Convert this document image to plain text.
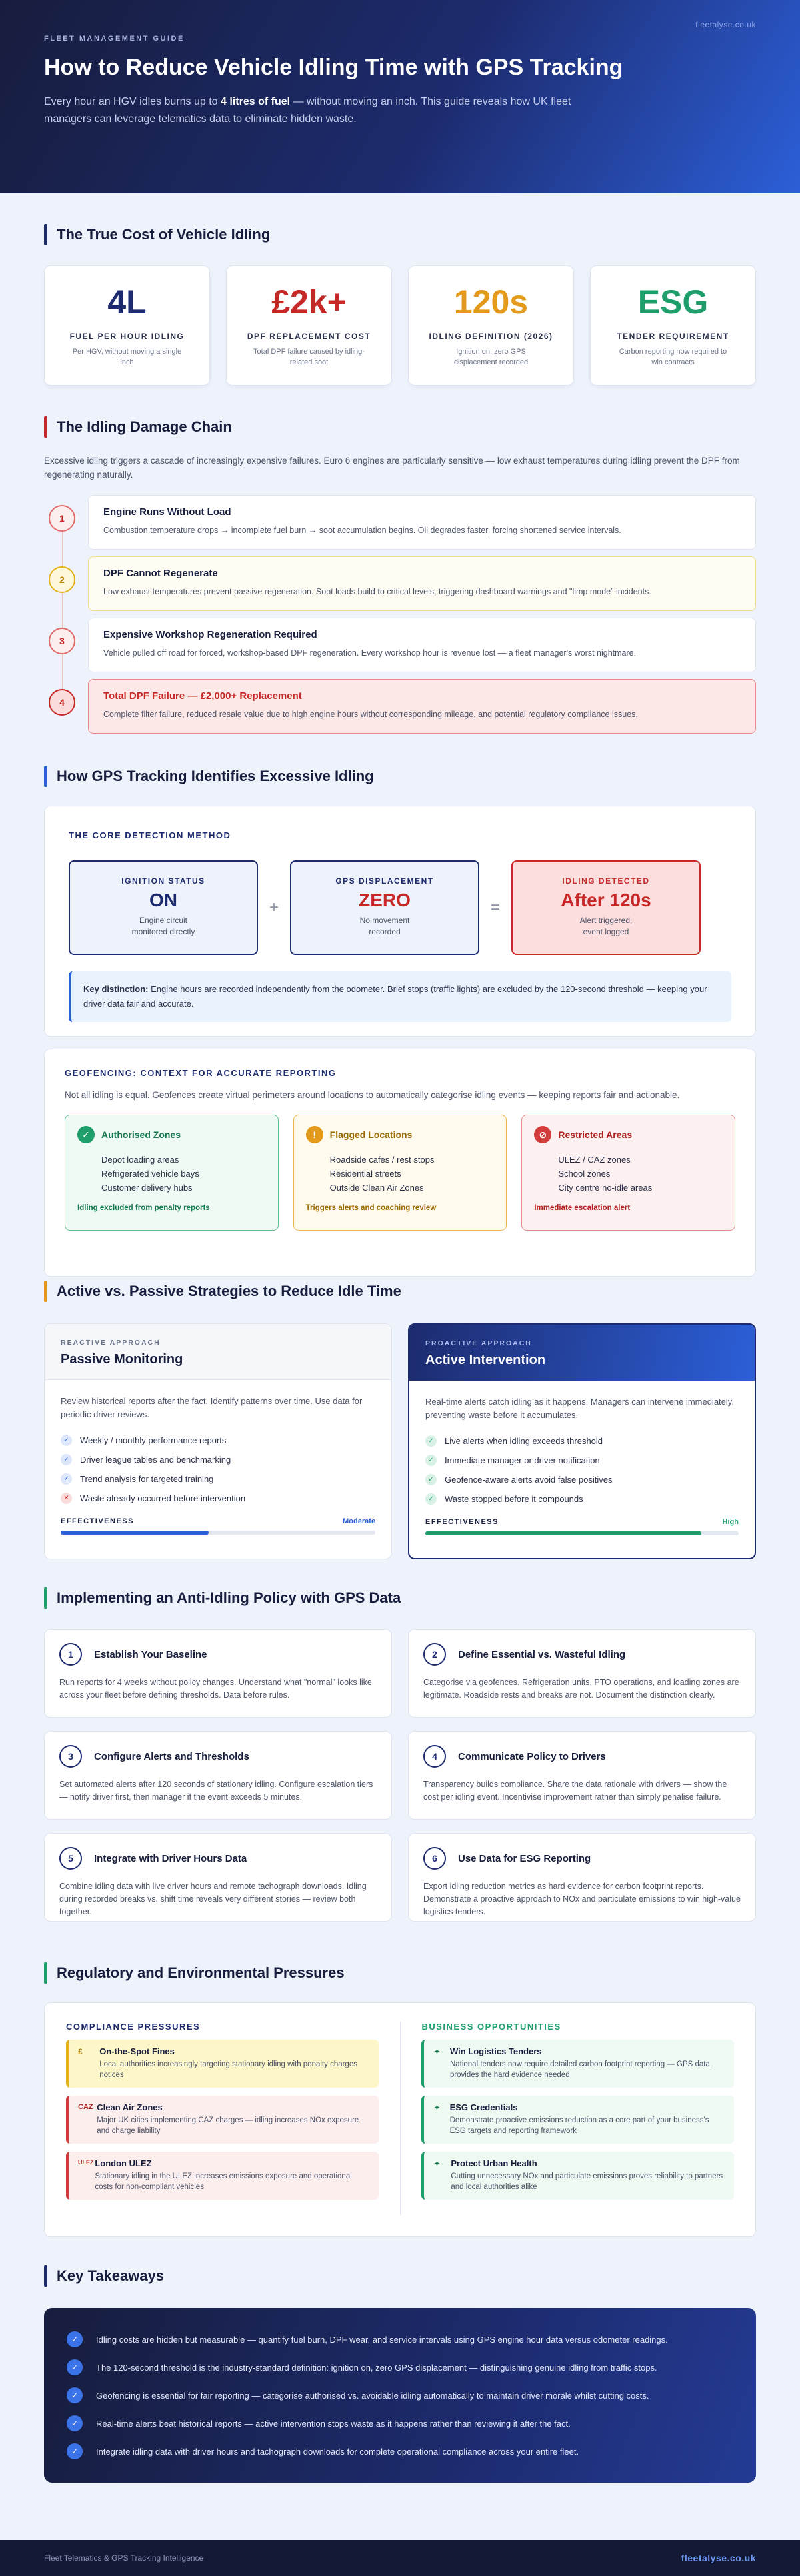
FLEET MANAGEMENT GUIDE
fleetalyse.co.uk
How to Reduce Vehicle Idling Time with GPS Tracking

Every hour an HGV idles burns up to 4 litres of fuel — without moving an inch. This guide reveals how UK fleet managers can leverage telematics data to eliminate hidden waste.

The True Cost of Vehicle Idling
4L
FUEL PER HOUR IDLING
Per HGV, without moving a single inch
£2k+
DPF REPLACEMENT COST
Total DPF failure caused by idling-related soot
120s
IDLING DEFINITION (2026)
Ignition on, zero GPS displacement recorded
ESG
TENDER REQUIREMENT
Carbon reporting now required to win contracts
The Idling Damage Chain

Excessive idling triggers a cascade of increasingly expensive failures. Euro 6 engines are particularly sensitive — low exhaust temperatures during idling prevent the DPF from regenerating naturally.

1
Engine Runs Without Load

Combustion temperature drops → incomplete fuel burn → soot accumulation begins. Oil degrades faster, forcing shortened service intervals.

2
DPF Cannot Regenerate

Low exhaust temperatures prevent passive regeneration. Soot loads build to critical levels, triggering dashboard warnings and "limp mode" incidents.

3
Expensive Workshop Regeneration Required

Vehicle pulled off road for forced, workshop-based DPF regeneration. Every workshop hour is revenue lost — a fleet manager's worst nightmare.

4
Total DPF Failure — £2,000+ Replacement

Complete filter failure, reduced resale value due to high engine hours without corresponding mileage, and potential regulatory compliance issues.

How GPS Tracking Identifies Excessive Idling
THE CORE DETECTION METHOD
IGNITION STATUS
ON
Engine circuit
monitored directly
+
GPS DISPLACEMENT
ZERO
No movement
recorded
=
IDLING DETECTED
After 120s
Alert triggered,
event logged
Key distinction: Engine hours are recorded independently from the odometer. Brief stops (traffic lights) are excluded by the 120-second threshold — keeping your driver data fair and accurate.
GEOFENCING: CONTEXT FOR ACCURATE REPORTING

Not all idling is equal. Geofences create virtual perimeters around locations to automatically categorise idling events — keeping reports fair and actionable.

✓	Authorised Zones
Depot loading areas
Refrigerated vehicle bays
Customer delivery hubs
Idling excluded from penalty reports
!	Flagged Locations
Roadside cafes / rest stops
Residential streets
Outside Clean Air Zones
Triggers alerts and coaching review
⊘	Restricted Areas
ULEZ / CAZ zones
School zones
City centre no-idle areas
Immediate escalation alert
Active vs. Passive Strategies to Reduce Idle Time
REACTIVE APPROACH
Passive Monitoring

Review historical reports after the fact. Identify patterns over time. Use data for periodic driver reviews.

✓	Weekly / monthly performance reports
✓	Driver league tables and benchmarking
✓	Trend analysis for targeted training
✕	Waste already occurred before intervention
EFFECTIVENESS	Moderate
PROACTIVE APPROACH
Active Intervention

Real-time alerts catch idling as it happens. Managers can intervene immediately, preventing waste before it accumulates.

✓	Live alerts when idling exceeds threshold
✓	Immediate manager or driver notification
✓	Geofence-aware alerts avoid false positives
✓	Waste stopped before it compounds
EFFECTIVENESS	High
Implementing an Anti-Idling Policy with GPS Data
1	Establish Your Baseline

Run reports for 4 weeks without policy changes. Understand what "normal" looks like across your fleet before defining thresholds. Data before rules.

2	Define Essential vs. Wasteful Idling

Categorise via geofences. Refrigeration units, PTO operations, and loading zones are legitimate. Roadside rests and breaks are not. Document the distinction clearly.

3	Configure Alerts and Thresholds

Set automated alerts after 120 seconds of stationary idling. Configure escalation tiers — notify driver first, then manager if the event exceeds 5 minutes.

4	Communicate Policy to Drivers

Transparency builds compliance. Share the data rationale with drivers — show the cost per idling event. Incentivise improvement rather than simply penalise failure.

5	Integrate with Driver Hours Data

Combine idling data with live driver hours and remote tachograph downloads. Idling during recorded breaks vs. shift time reveals very different stories — review both together.

6	Use Data for ESG Reporting

Export idling reduction metrics as hard evidence for carbon footprint reports. Demonstrate a proactive approach to NOx and particulate emissions to win high-value logistics tenders.

Regulatory and Environmental Pressures
COMPLIANCE PRESSURES
£	On-the-Spot Fines
Local authorities increasingly targeting stationary idling with penalty charges notices
CAZ Clean Air Zones
Major UK cities implementing CAZ charges — idling increases NOx exposure and charge liability
ULEZ London ULEZ
Stationary idling in the ULEZ increases emissions exposure and operational costs for non-compliant vehicles
BUSINESS OPPORTUNITIES
✦	Win Logistics Tenders
National tenders now require detailed carbon footprint reporting — GPS data provides the hard evidence needed
✦	ESG Credentials
Demonstrate proactive emissions reduction as a core part of your business's ESG targets and reporting framework
✦	Protect Urban Health
Cutting unnecessary NOx and particulate emissions proves reliability to partners and local authorities alike
Key Takeaways
✓	Idling costs are hidden but measurable — quantify fuel burn, DPF wear, and service intervals using GPS engine hour data versus odometer readings.
✓	The 120-second threshold is the industry-standard definition: ignition on, zero GPS displacement — distinguishing genuine idling from traffic stops.
✓	Geofencing is essential for fair reporting — categorise authorised vs. avoidable idling automatically to maintain driver morale whilst cutting costs.
✓	Real-time alerts beat historical reports — active intervention stops waste as it happens rather than reviewing it after the fact.
✓	Integrate idling data with driver hours and tachograph downloads for complete operational compliance across your entire fleet.
Fleet Telematics & GPS Tracking Intelligence	fleetalyse.co.uk
